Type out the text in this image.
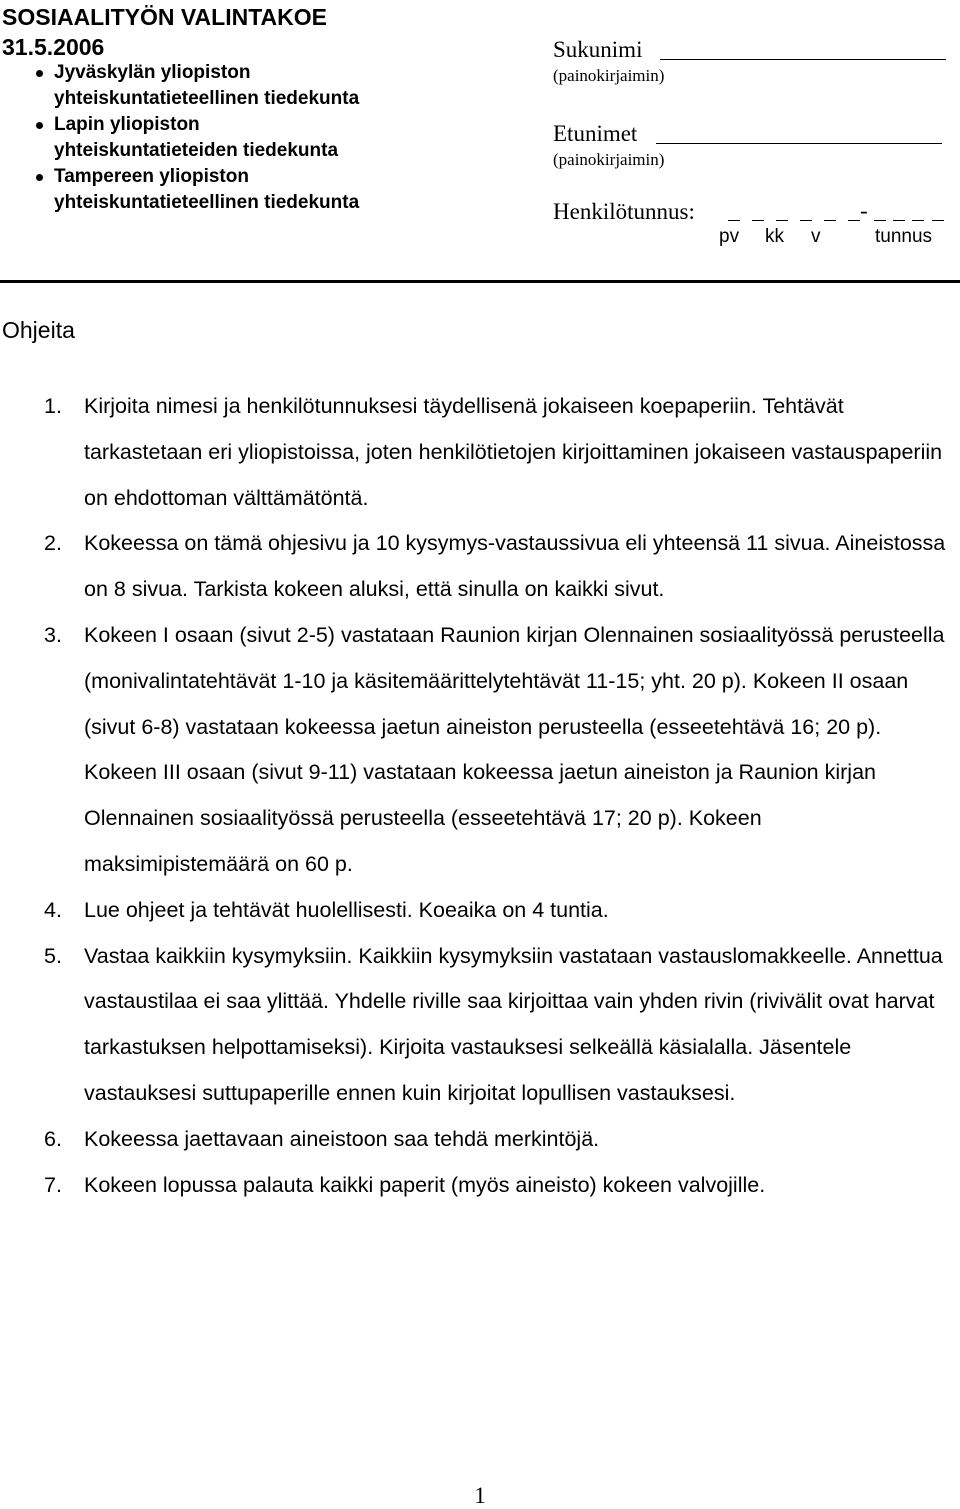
SOSIAALITYÖN VALINTAKOE
31.5.2006
Jyväskylän yliopiston
yhteiskuntatieteellinen tiedekunta
Lapin yliopiston
yhteiskuntatieteiden tiedekunta
Tampereen yliopiston
yhteiskuntatieteellinen tiedekunta
Sukunimi
(painokirjaimin)
Etunimet
(painokirjaimin)
Henkilötunnus:	-
pv kk v	tunnus
Ohjeita
1. Kirjoita nimesi ja henkilötunnuksesi täydellisenä jokaiseen koepaperiin. Tehtävät tarkastetaan eri yliopistoissa, joten henkilötietojen kirjoittaminen jokaiseen vastauspaperiin on ehdottoman välttämätöntä.
2. Kokeessa on tämä ohjesivu ja 10 kysymys-vastaussivua eli yhteensä 11 sivua. Aineistossa on 8 sivua. Tarkista kokeen aluksi, että sinulla on kaikki sivut.
3. Kokeen I osaan (sivut 2-5) vastataan Raunion kirjan Olennainen sosiaalityössä perusteella (monivalintatehtävät 1-10 ja käsitemäärittelytehtävät 11-15; yht. 20 p). Kokeen II osaan (sivut 6-8) vastataan kokeessa jaetun aineiston perusteella (esseetehtävä 16; 20 p). Kokeen III osaan (sivut 9-11) vastataan kokeessa jaetun aineiston ja Raunion kirjan Olennainen sosiaalityössä perusteella (esseetehtävä 17; 20 p). Kokeen maksimipistemäärä on 60 p.
4. Lue ohjeet ja tehtävät huolellisesti. Koeaika on 4 tuntia.
5. Vastaa kaikkiin kysymyksiin. Kaikkiin kysymyksiin vastataan vastauslomakkeelle. Annettua vastaustilaa ei saa ylittää. Yhdelle riville saa kirjoittaa vain yhden rivin (rivivälit ovat harvat tarkastuksen helpottamiseksi). Kirjoita vastauksesi selkeällä käsialalla. Jäsentele vastauksesi suttupaperille ennen kuin kirjoitat lopullisen vastauksesi.
6. Kokeessa jaettavaan aineistoon saa tehdä merkintöjä.
7. Kokeen lopussa palauta kaikki paperit (myös aineisto) kokeen valvojille.
1
